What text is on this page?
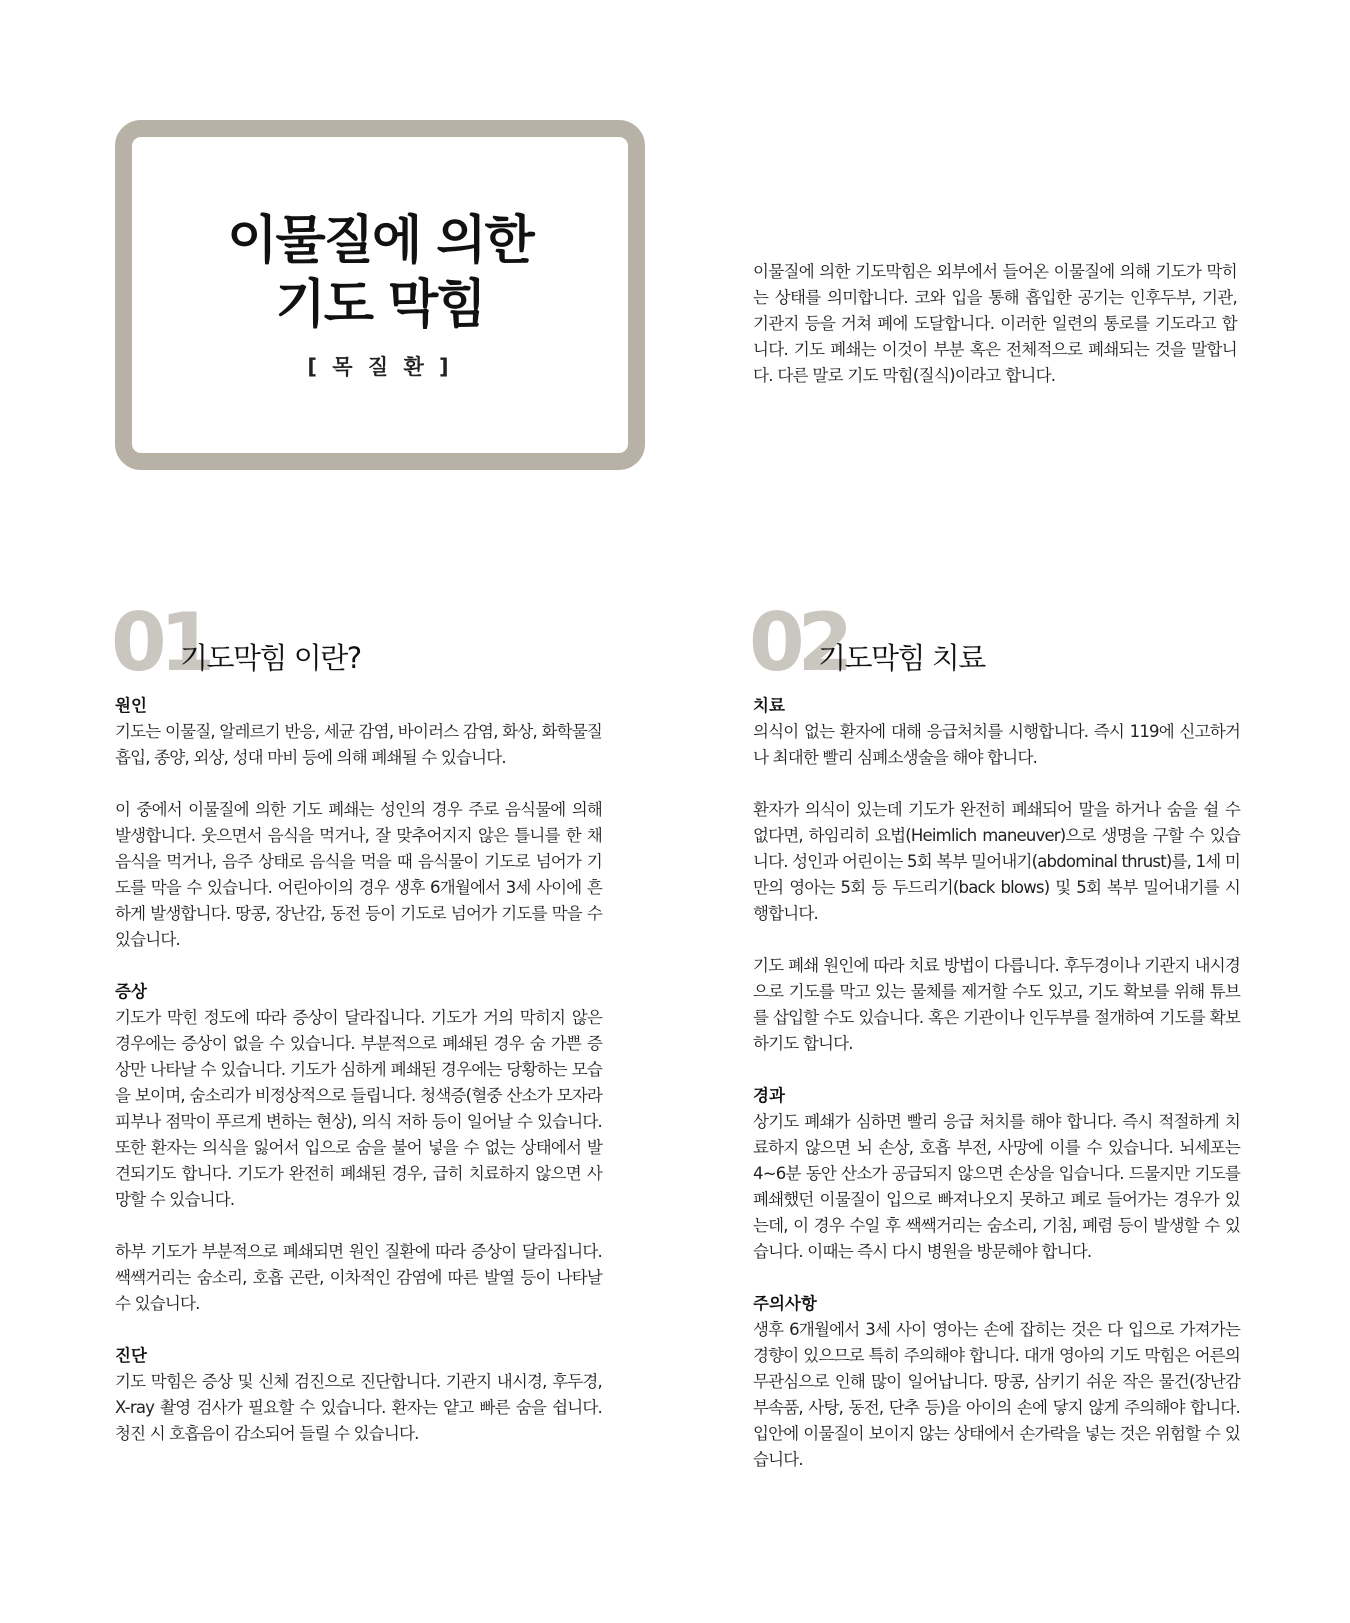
이물질에 의한
기도 막힘
[ 목 질 환 ]

이물질에 의한 기도막힘은 외부에서 들어온 이물질에 의해 기도가 막히는 상태를 의미합니다. 코와 입을 통해 흡입한 공기는 인후두부, 기관, 기관지 등을 거쳐 폐에 도달합니다. 이러한 일련의 통로를 기도라고 합니다. 기도 폐쇄는 이것이 부분 혹은 전체적으로 폐쇄되는 것을 말합니다. 다른 말로 기도 막힘(질식)이라고 합니다.

01
기도막힘 이란?
원인

기도는 이물질, 알레르기 반응, 세균 감염, 바이러스 감염, 화상, 화학물질 흡입, 종양, 외상, 성대 마비 등에 의해 폐쇄될 수 있습니다.

이 중에서 이물질에 의한 기도 폐쇄는 성인의 경우 주로 음식물에 의해 발생합니다. 웃으면서 음식을 먹거나, 잘 맞추어지지 않은 틀니를 한 채 음식을 먹거나, 음주 상태로 음식을 먹을 때 음식물이 기도로 넘어가 기도를 막을 수 있습니다. 어린아이의 경우 생후 6개월에서 3세 사이에 흔하게 발생합니다. 땅콩, 장난감, 동전 등이 기도로 넘어가 기도를 막을 수 있습니다.

증상

기도가 막힌 정도에 따라 증상이 달라집니다. 기도가 거의 막히지 않은 경우에는 증상이 없을 수 있습니다. 부분적으로 폐쇄된 경우 숨 가쁜 증상만 나타날 수 있습니다. 기도가 심하게 폐쇄된 경우에는 당황하는 모습을 보이며, 숨소리가 비정상적으로 들립니다. 청색증(혈중 산소가 모자라 피부나 점막이 푸르게 변하는 현상), 의식 저하 등이 일어날 수 있습니다. 또한 환자는 의식을 잃어서 입으로 숨을 불어 넣을 수 없는 상태에서 발견되기도 합니다. 기도가 완전히 폐쇄된 경우, 급히 치료하지 않으면 사망할 수 있습니다.

하부 기도가 부분적으로 폐쇄되면 원인 질환에 따라 증상이 달라집니다. 쌕쌕거리는 숨소리, 호흡 곤란, 이차적인 감염에 따른 발열 등이 나타날 수 있습니다.

진단

기도 막힘은 증상 및 신체 검진으로 진단합니다. 기관지 내시경, 후두경, X-ray 촬영 검사가 필요할 수 있습니다. 환자는 얕고 빠른 숨을 쉽니다. 청진 시 호흡음이 감소되어 들릴 수 있습니다.

02
기도막힘 치료
치료

의식이 없는 환자에 대해 응급처치를 시행합니다. 즉시 119에 신고하거나 최대한 빨리 심폐소생술을 해야 합니다.

환자가 의식이 있는데 기도가 완전히 폐쇄되어 말을 하거나 숨을 쉴 수 없다면, 하임리히 요법(Heimlich maneuver)으로 생명을 구할 수 있습니다. 성인과 어린이는 5회 복부 밀어내기(abdominal thrust)를, 1세 미만의 영아는 5회 등 두드리기(back blows) 및 5회 복부 밀어내기를 시행합니다.

기도 폐쇄 원인에 따라 치료 방법이 다릅니다. 후두경이나 기관지 내시경으로 기도를 막고 있는 물체를 제거할 수도 있고, 기도 확보를 위해 튜브를 삽입할 수도 있습니다. 혹은 기관이나 인두부를 절개하여 기도를 확보하기도 합니다.

경과

상기도 폐쇄가 심하면 빨리 응급 처치를 해야 합니다. 즉시 적절하게 치료하지 않으면 뇌 손상, 호흡 부전, 사망에 이를 수 있습니다. 뇌세포는 4~6분 동안 산소가 공급되지 않으면 손상을 입습니다. 드물지만 기도를 폐쇄했던 이물질이 입으로 빠져나오지 못하고 폐로 들어가는 경우가 있는데, 이 경우 수일 후 쌕쌕거리는 숨소리, 기침, 폐렴 등이 발생할 수 있습니다. 이때는 즉시 다시 병원을 방문해야 합니다.

주의사항

생후 6개월에서 3세 사이 영아는 손에 잡히는 것은 다 입으로 가져가는 경향이 있으므로 특히 주의해야 합니다. 대개 영아의 기도 막힘은 어른의 무관심으로 인해 많이 일어납니다. 땅콩, 삼키기 쉬운 작은 물건(장난감 부속품, 사탕, 동전, 단추 등)을 아이의 손에 닿지 않게 주의해야 합니다. 입안에 이물질이 보이지 않는 상태에서 손가락을 넣는 것은 위험할 수 있습니다.
